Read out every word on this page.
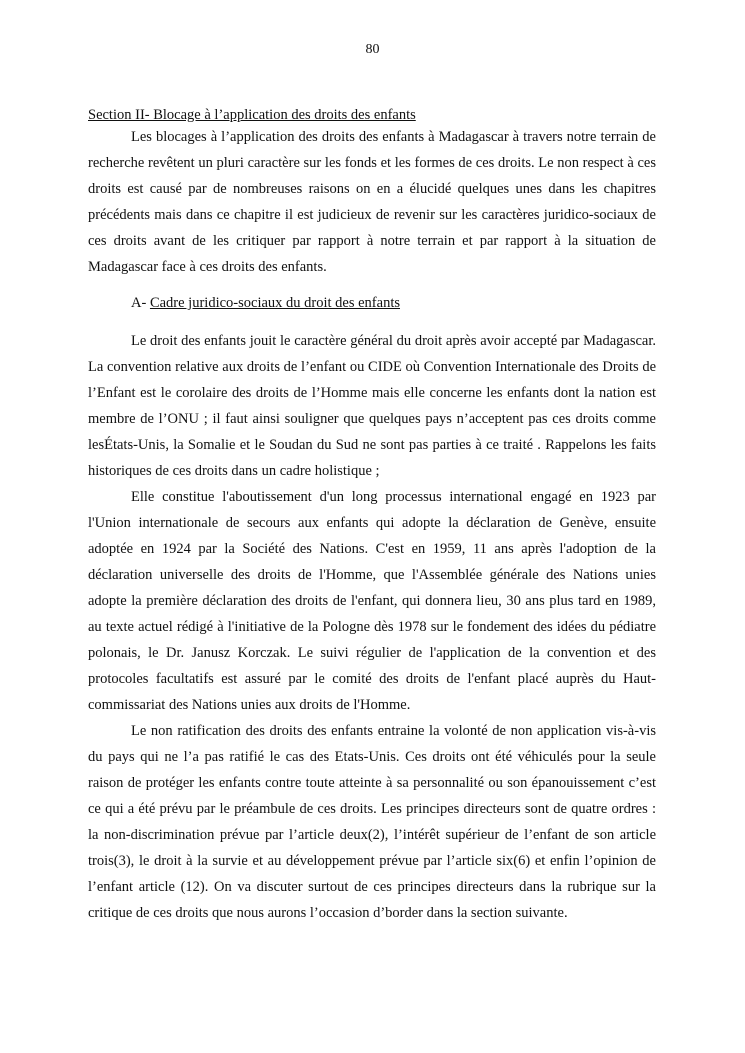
80
Section II- Blocage à l’application des droits des enfants

Les blocages à l’application des droits des enfants à Madagascar à travers notre terrain de recherche revêtent un pluri caractère sur les fonds et les formes de ces droits. Le non respect à ces droits est causé par de nombreuses raisons on en a élucidé quelques unes dans les chapitres précédents mais dans ce chapitre il est judicieux de revenir sur les caractères juridico-sociaux de ces droits avant de les critiquer par rapport à notre terrain et par rapport à la situation de Madagascar face à ces droits des enfants.

A- Cadre juridico-sociaux du droit des enfants

Le droit des enfants jouit le caractère général du droit après avoir accepté par Madagascar. La convention relative aux droits de l’enfant ou CIDE où Convention Internationale des Droits de l’Enfant est le corolaire des droits de l’Homme mais elle concerne les enfants dont la nation est membre de l’ONU ; il faut ainsi souligner que quelques pays n’acceptent pas ces droits comme lesÉtats-Unis, la Somalie et le Soudan du Sud ne sont pas parties à ce traité . Rappelons les faits historiques de ces droits dans un cadre holistique ;

Elle constitue l'aboutissement d'un long processus international engagé en 1923 par l'Union internationale de secours aux enfants qui adopte la déclaration de Genève, ensuite adoptée en 1924 par la Société des Nations. C'est en 1959, 11 ans après l'adoption de la déclaration universelle des droits de l'Homme, que l'Assemblée générale des Nations unies adopte la première déclaration des droits de l'enfant, qui donnera lieu, 30 ans plus tard en 1989, au texte actuel rédigé à l'initiative de la Pologne dès 1978 sur le fondement des idées du pédiatre polonais, le Dr. Janusz Korczak. Le suivi régulier de l'application de la convention et des protocoles facultatifs est assuré par le comité des droits de l'enfant placé auprès du Haut-commissariat des Nations unies aux droits de l'Homme.

Le non ratification des droits des enfants entraine la volonté de non application vis-à-vis du pays qui ne l’a pas ratifié le cas des Etats-Unis. Ces droits ont été véhiculés pour la seule raison de protéger les enfants contre toute atteinte à sa personnalité ou son épanouissement c’est ce qui a été prévu par le préambule de ces droits. Les principes directeurs sont de quatre ordres : la non-discrimination prévue par l’article deux(2), l’intérêt supérieur de l’enfant de son article trois(3), le droit à la survie et au développement prévue par l’article six(6) et enfin l’opinion de l’enfant article (12). On va discuter surtout de ces principes directeurs dans la rubrique sur la critique de ces droits que nous aurons l’occasion d’border dans la section suivante.
